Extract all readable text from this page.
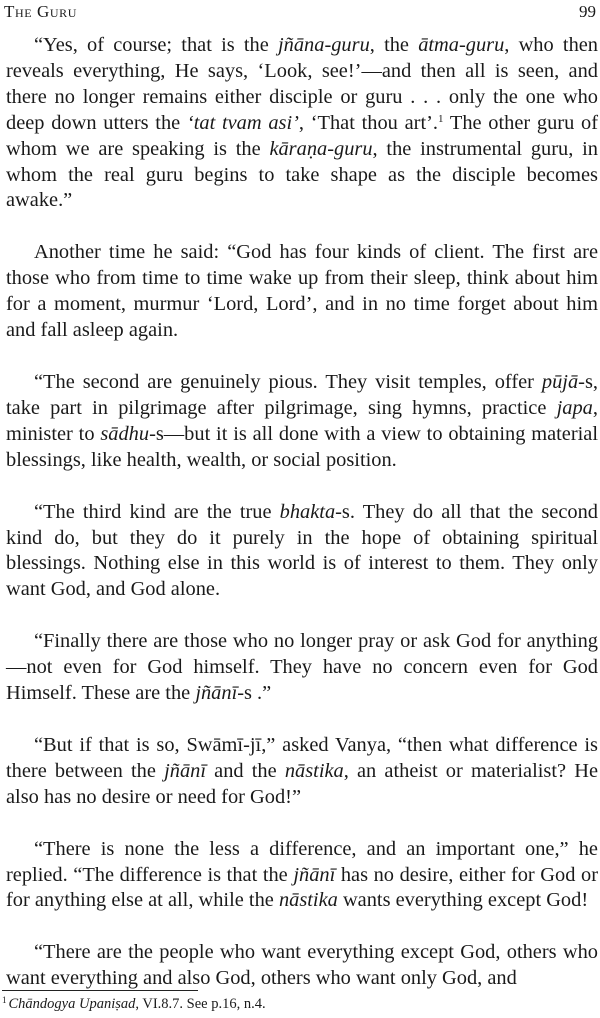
The Guru	99

“Yes, of course; that is the jñāna-guru, the ātma-guru, who then reveals everything, He says, ‘Look, see!’—and then all is seen, and there no longer remains either disciple or guru . . . only the one who deep down utters the ‘tat tvam asi’, ‘That thou art’.$^1$ The other guru of whom we are speaking is the kāraṇa-guru, the instrumental guru, in whom the real guru begins to take shape as the disciple becomes awake.”

Another time he said: “God has four kinds of client. The first are those who from time to time wake up from their sleep, think about him for a moment, murmur ‘Lord, Lord’, and in no time forget about him and fall asleep again.

“The second are genuinely pious. They visit temples, offer pūjā-s, take part in pilgrimage after pilgrimage, sing hymns, practice japa, minister to sādhu-s—but it is all done with a view to obtaining material blessings, like health, wealth, or social position.

“The third kind are the true bhakta-s. They do all that the second kind do, but they do it purely in the hope of obtaining spiritual blessings. Nothing else in this world is of interest to them. They only want God, and God alone.

“Finally there are those who no longer pray or ask God for anything—not even for God himself. They have no concern even for God Himself. These are the jñānī-s .”

“But if that is so, Swāmī-jī,” asked Vanya, “then what difference is there between the jñānī and the nāstika, an atheist or materialist? He also has no desire or need for God!”

“There is none the less a difference, and an important one,” he replied. “The difference is that the jñānī has no desire, either for God or for anything else at all, while the nāstika wants everything except God!

“There are the people who want everything except God, others who want everything and also God, others who want only God, and

$^1$ Chāndogya Upaniṣad, VI.8.7. See p.16, n.4.
